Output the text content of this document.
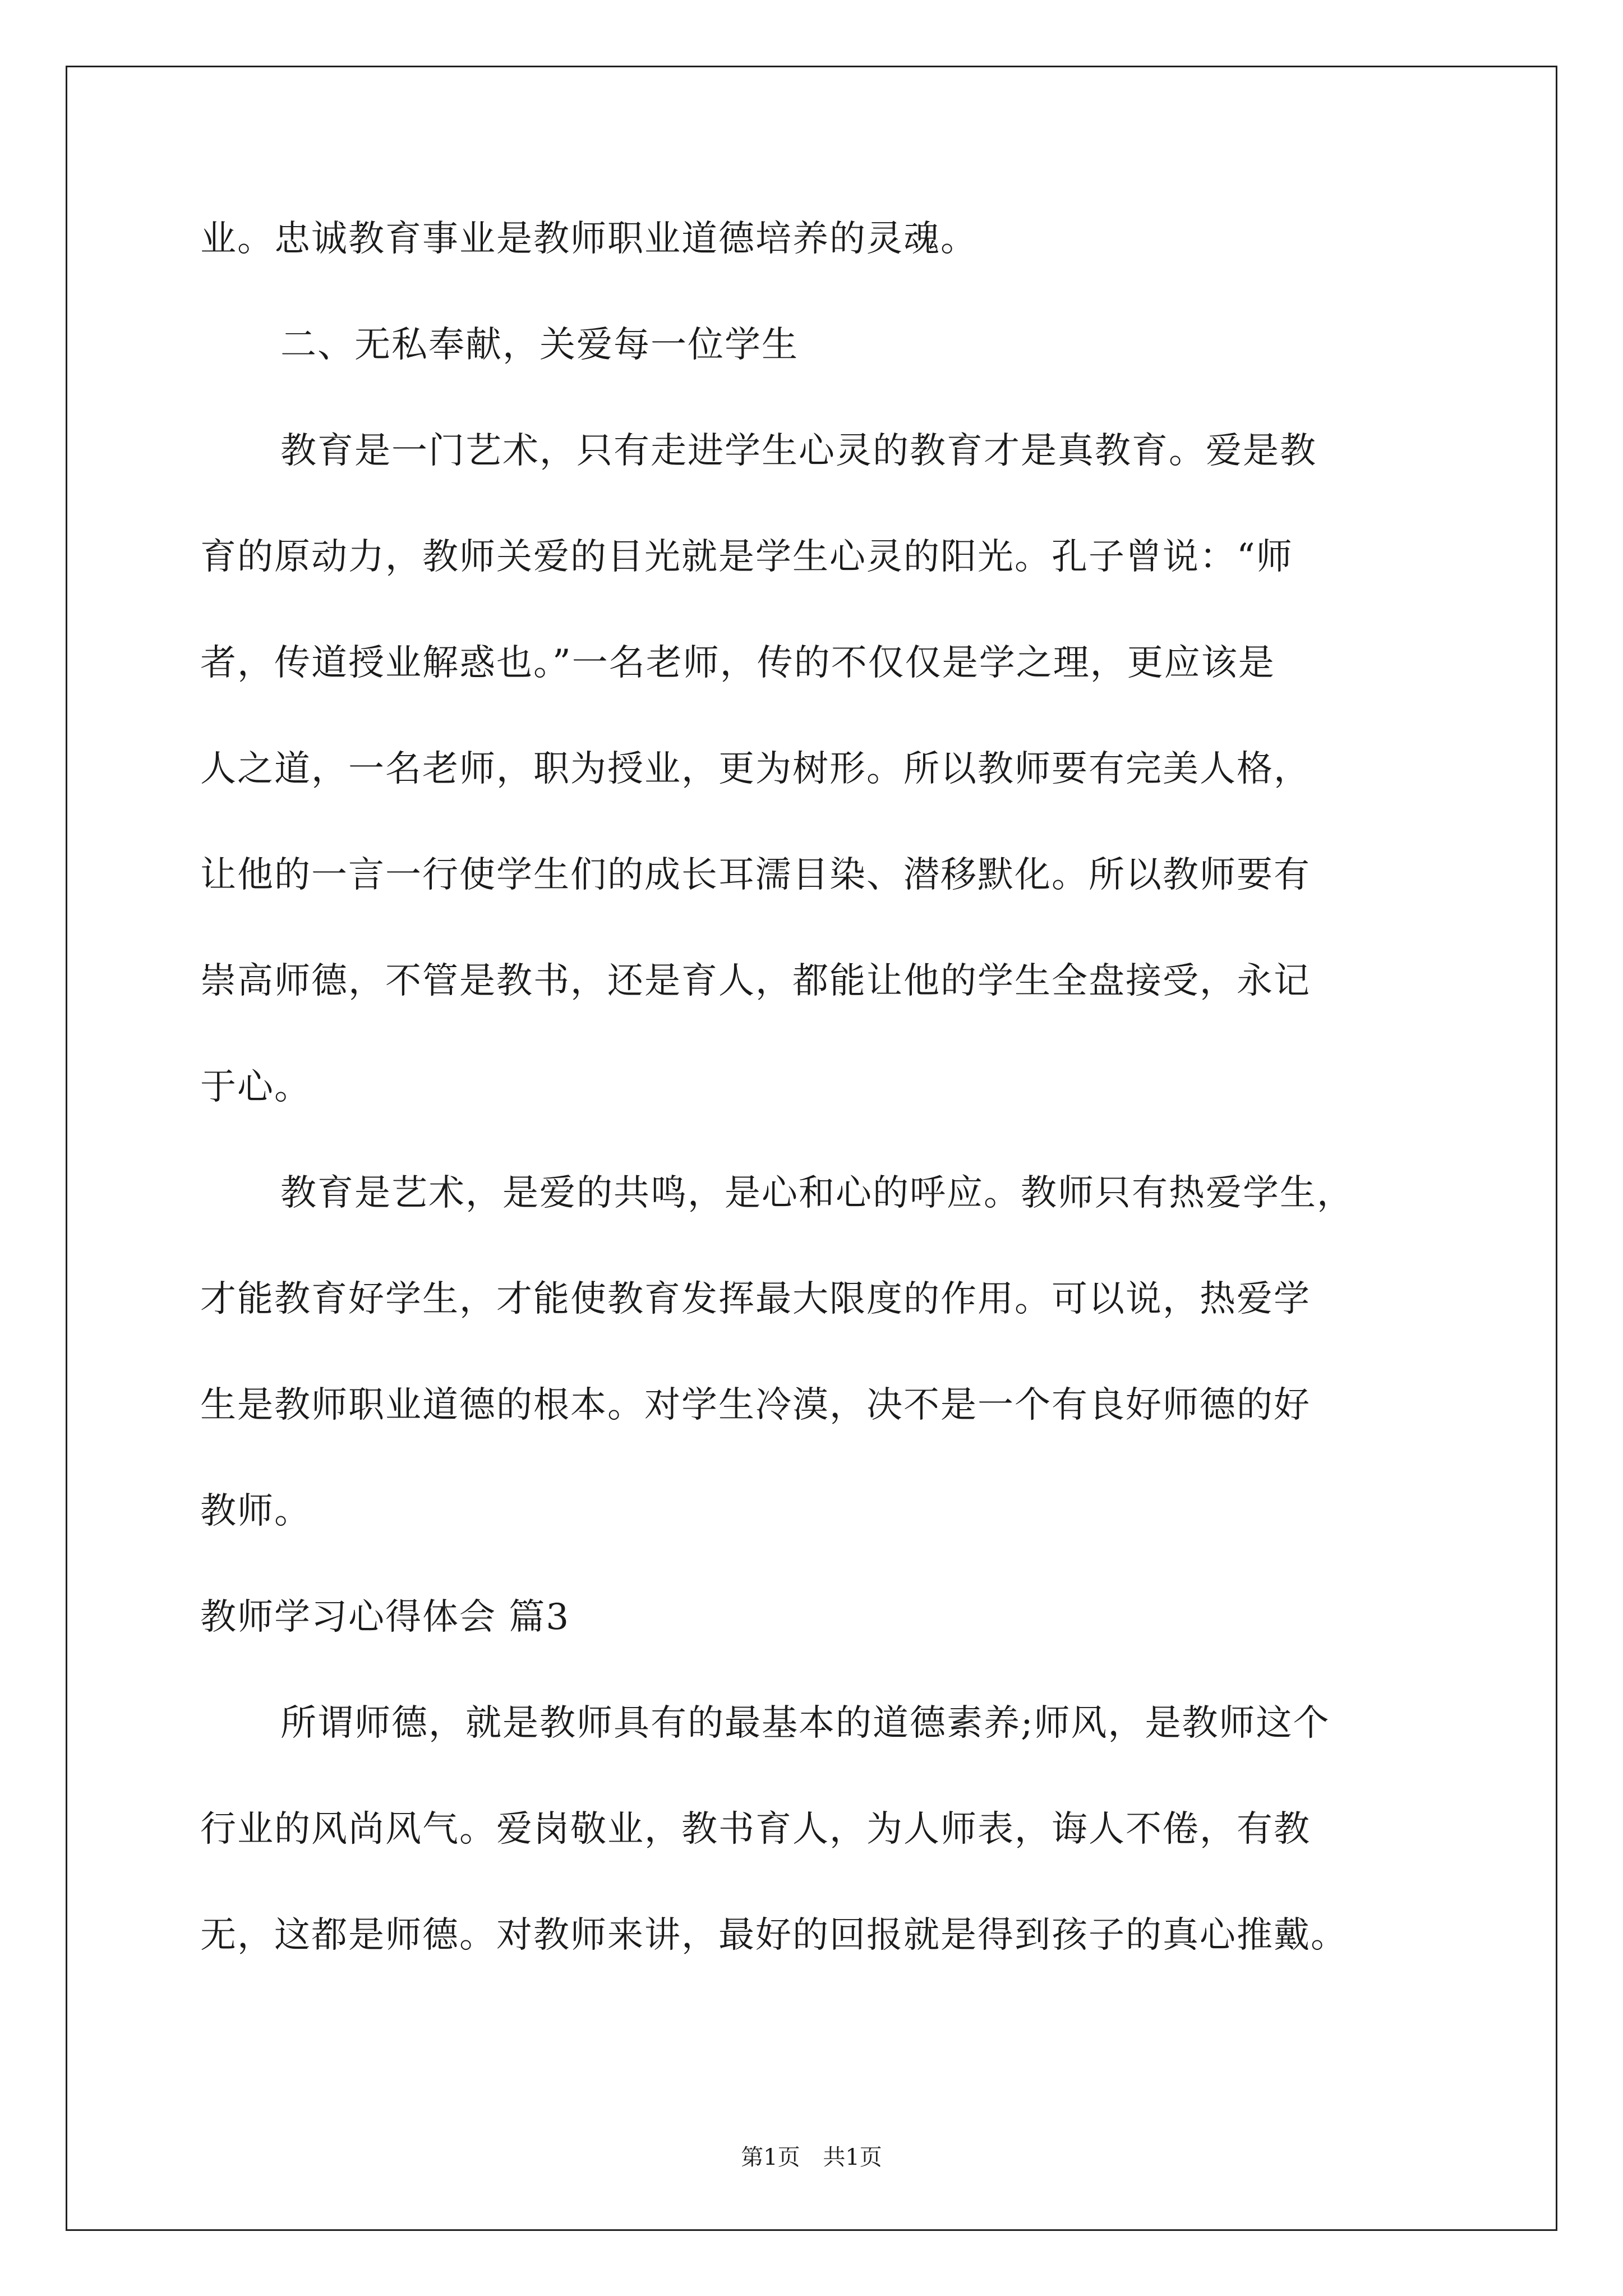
业。忠诚教育事业是教师职业道德培养的灵魂。
二、无私奉献，关爱每一位学生
教育是一门艺术，只有走进学生心灵的教育才是真教育。爱是教
育的原动力，教师关爱的目光就是学生心灵的阳光。孔子曾说：“师
者，传道授业解惑也。”一名老师，传的不仅仅是学之理，更应该是
人之道，一名老师，职为授业，更为树形。所以教师要有完美人格，
让他的一言一行使学生们的成长耳濡目染、潜移默化。所以教师要有
崇高师德，不管是教书，还是育人，都能让他的学生全盘接受，永记
于心。
教育是艺术，是爱的共鸣，是心和心的呼应。教师只有热爱学生，
才能教育好学生，才能使教育发挥最大限度的作用。可以说，热爱学
生是教师职业道德的根本。对学生冷漠，决不是一个有良好师德的好
教师。
教师学习心得体会 篇3
所谓师德，就是教师具有的最基本的道德素养;师风，是教师这个
行业的风尚风气。爱岗敬业，教书育人，为人师表，诲人不倦，有教
无，这都是师德。对教师来讲，最好的回报就是得到孩子的真心推戴。
第1页 共1页
